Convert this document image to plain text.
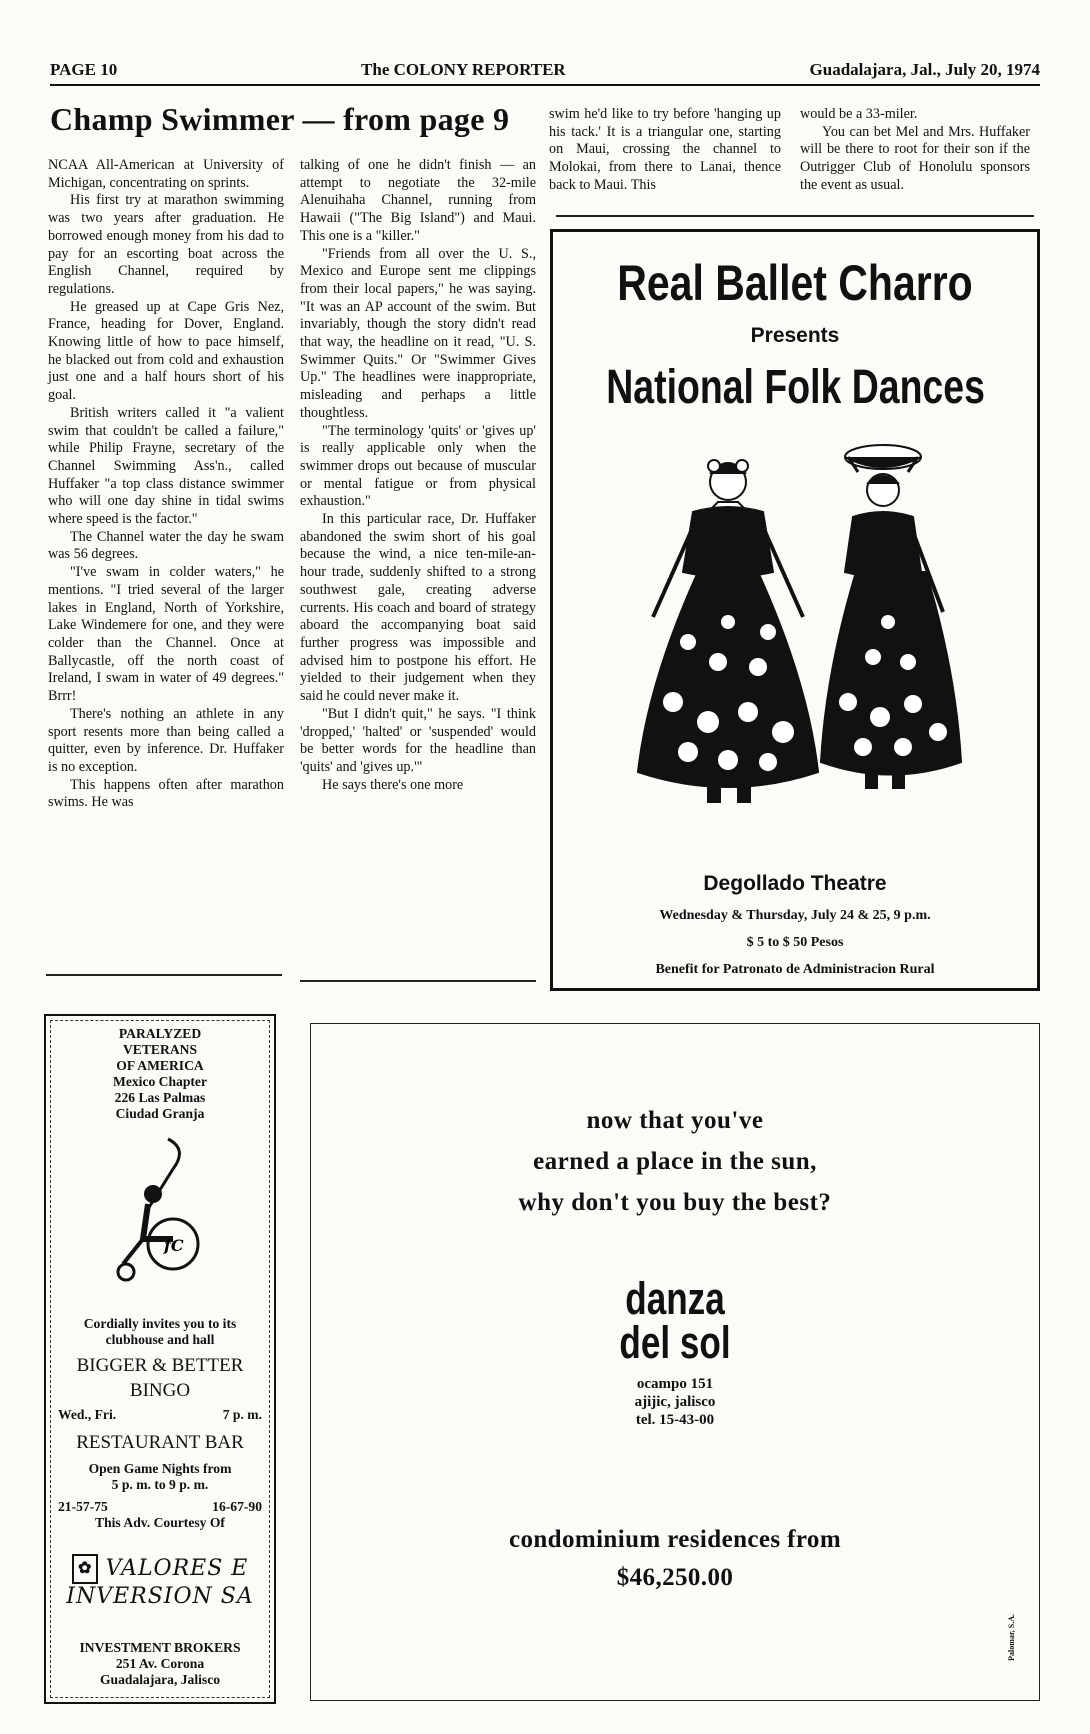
PAGE 10	The COLONY REPORTER	Guadalajara, Jal., July 20, 1974
Champ Swimmer — from page 9

NCAA All-American at University of Michigan, concentrating on sprints.

His first try at marathon swimming was two years after graduation. He borrowed enough money from his dad to pay for an escorting boat across the English Channel, required by regulations.

He greased up at Cape Gris Nez, France, heading for Dover, England. Knowing little of how to pace himself, he blacked out from cold and exhaustion just one and a half hours short of his goal.

British writers called it "a valient swim that couldn't be called a failure," while Philip Frayne, secretary of the Channel Swimming Ass'n., called Huffaker "a top class distance swimmer who will one day shine in tidal swims where speed is the factor."

The Channel water the day he swam was 56 degrees.

"I've swam in colder waters," he mentions. "I tried several of the larger lakes in England, North of Yorkshire, Lake Windemere for one, and they were colder than the Channel. Once at Ballycastle, off the north coast of Ireland, I swam in water of 49 degrees." Brrr!

There's nothing an athlete in any sport resents more than being called a quitter, even by inference. Dr. Huffaker is no exception.

This happens often after marathon swims. He was

talking of one he didn't finish — an attempt to negotiate the 32-mile Alenuihaha Channel, running from Hawaii ("The Big Island") and Maui. This one is a "killer."

"Friends from all over the U. S., Mexico and Europe sent me clippings from their local papers," he was saying. "It was an AP account of the swim. But invariably, though the story didn't read that way, the headline on it read, "U. S. Swimmer Quits." Or "Swimmer Gives Up." The headlines were inappropriate, misleading and perhaps a little thoughtless.

"The terminology 'quits' or 'gives up' is really applicable only when the swimmer drops out because of muscular or mental fatigue or from physical exhaustion."

In this particular race, Dr. Huffaker abandoned the swim short of his goal because the wind, a nice ten-mile-an-hour trade, suddenly shifted to a strong southwest gale, creating adverse currents. His coach and board of strategy aboard the accompanying boat said further progress was impossible and advised him to postpone his effort. He yielded to their judgement when they said he could never make it.

"But I didn't quit," he says. "I think 'dropped,' 'halted' or 'suspended' would be better words for the headline than 'quits' and 'gives up.'"

He says there's one more

swim he'd like to try before 'hanging up his tack.' It is a triangular one, starting on Maui, crossing the channel to Molokai, from there to Lanai, thence back to Maui. This

would be a 33-miler.

You can bet Mel and Mrs. Huffaker will be there to root for their son if the Outrigger Club of Honolulu sponsors the event as usual.

Real Ballet Charro
Presents
National Folk Dances
Degollado Theatre
Wednesday & Thursday, July 24 & 25, 9 p.m.
$ 5 to $ 50 Pesos
Benefit for Patronato de Administracion Rural
PARALYZED
VETERANS
OF AMERICA
Mexico Chapter
226 Las Palmas
Ciudad Granja
fC
Cordially invites you to its
clubhouse and hall
BIGGER & BETTER
BINGO
Wed., Fri.	7 p. m.
RESTAURANT BAR
Open Game Nights from
5 p. m. to 9 p. m.
21-57-75	16-67-90
This Adv. Courtesy Of
✿ VALORES E
INVERSION SA
INVESTMENT BROKERS
251 Av. Corona
Guadalajara, Jalisco
now that you've
earned a place in the sun,
why don't you buy the best?
danza
del sol
ocampo 151
ajijic, jalisco
tel. 15-43-00
condominium residences from
$46,250.00
Palomar, S.A.
